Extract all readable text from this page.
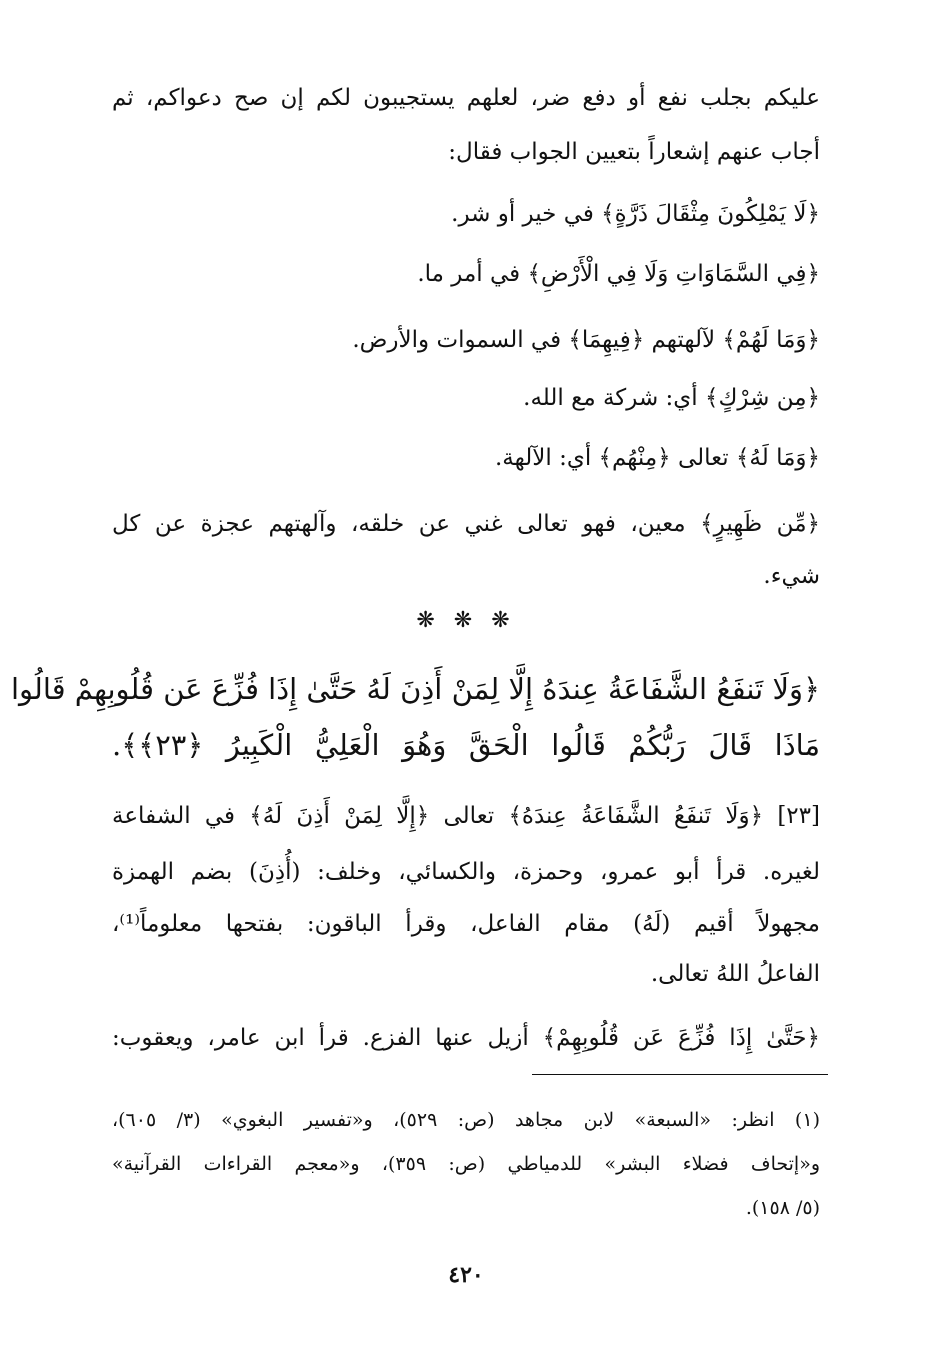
عليكم بجلب نفع أو دفع ضر، لعلهم يستجيبون لكم إن صح دعواكم، ثم
أجاب عنهم إشعاراً بتعيين الجواب فقال:
﴿لَا يَمْلِكُونَ مِثْقَالَ ذَرَّةٍ﴾ في خير أو شر.
﴿فِي السَّمَاوَاتِ وَلَا فِي الْأَرْضِ﴾ في أمر ما.
﴿وَمَا لَهُمْ﴾ لآلهتهم ﴿فِيهِمَا﴾ في السموات والأرض.
﴿مِن شِرْكٍ﴾ أي: شركة مع الله.
﴿وَمَا لَهُ﴾ تعالى ﴿مِنْهُم﴾ أي: الآلهة.
﴿مِّن ظَهِيرٍ﴾ معين، فهو تعالى غني عن خلقه، وآلهتهم عجزة عن كل
شيء.
❋ ❋ ❋
﴿وَلَا تَنفَعُ الشَّفَاعَةُ عِندَهُ إِلَّا لِمَنْ أَذِنَ لَهُ حَتَّىٰ إِذَا فُزِّعَ عَن قُلُوبِهِمْ قَالُوا
مَاذَا قَالَ رَبُّكُمْ قَالُوا الْحَقَّ وَهُوَ الْعَلِيُّ الْكَبِيرُ ﴿٢٣﴾﴾.
[٢٣] ﴿وَلَا تَنفَعُ الشَّفَاعَةُ عِندَهُ﴾ تعالى ﴿إِلَّا لِمَنْ أَذِنَ لَهُ﴾ في الشفاعة
لغيره. قرأ أبو عمرو، وحمزة، والكسائي، وخلف: (أُذِنَ) بضم الهمزة
مجهولاً أقيم (لَهُ) مقام الفاعل، وقرأ الباقون: بفتحها معلوماً⁽¹⁾،
الفاعلُ اللهُ تعالى.
﴿حَتَّىٰ إِذَا فُزِّعَ عَن قُلُوبِهِمْ﴾ أزيل عنها الفزع. قرأ ابن عامر، ويعقوب:
(١) انظر: «السبعة» لابن مجاهد (ص: ٥٢٩)، و«تفسير البغوي» (٣/ ٦٠٥)،
و«إتحاف فضلاء البشر» للدمياطي (ص: ٣٥٩)، و«معجم القراءات القرآنية»
(٥/ ١٥٨).
٤٢٠
